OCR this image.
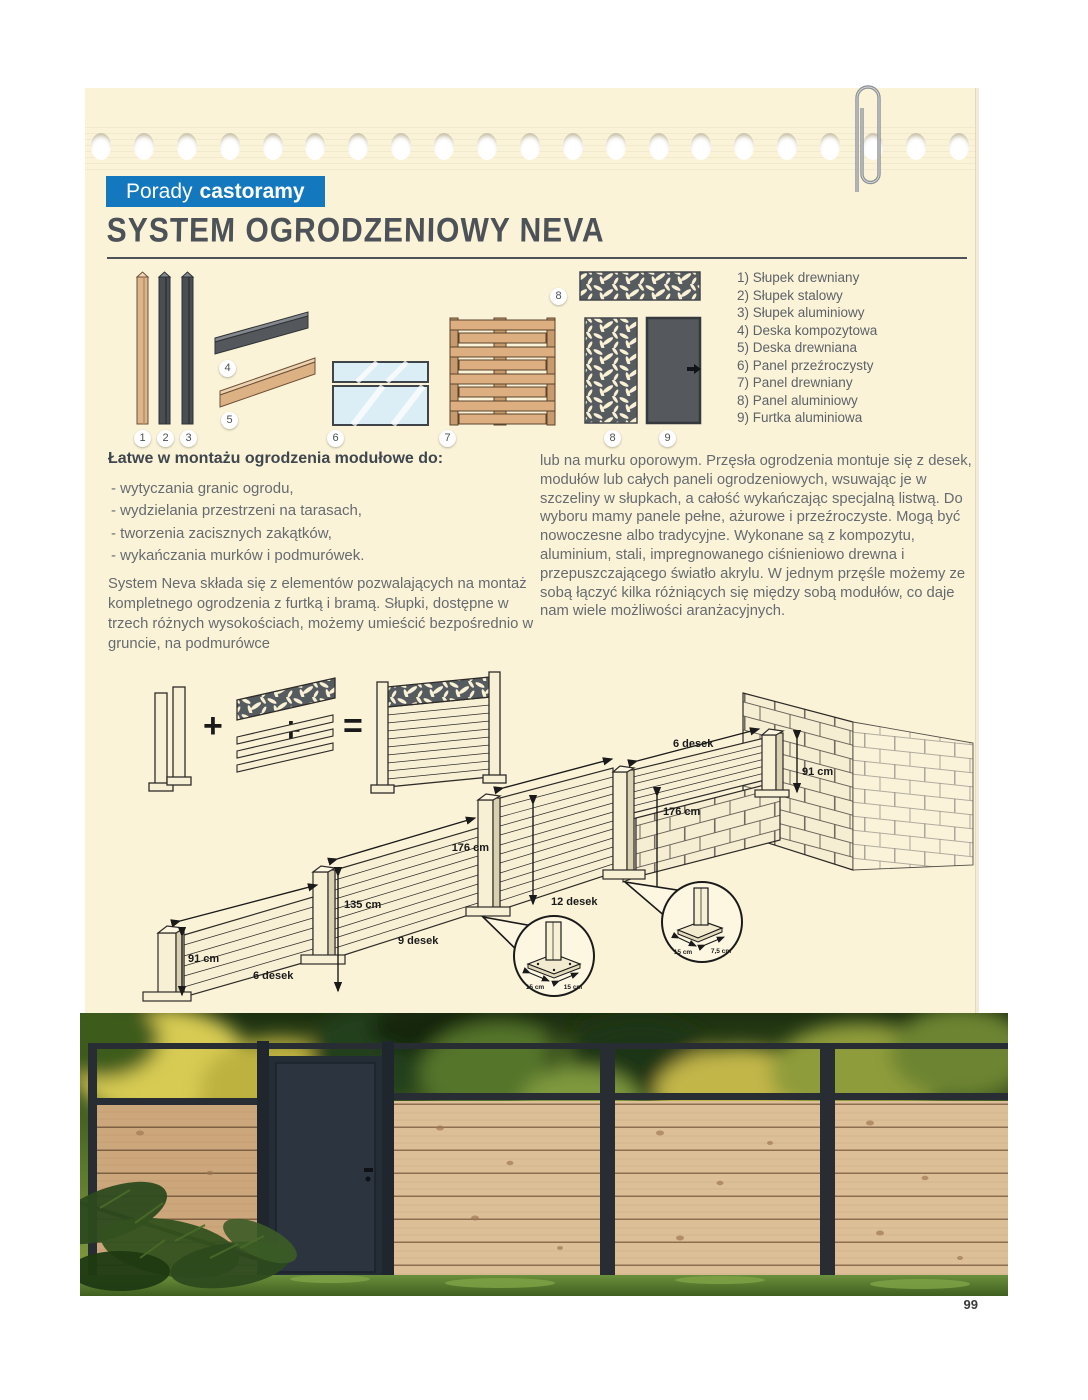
Porady castoramy
SYSTEM OGRODZENIOWY NEVA
1	2	3
4
5
6	7
8
8	9

1) Słupek drewniany

2) Słupek stalowy

3) Słupek aluminiowy

4) Deska kompozytowa

5) Deska drewniana

6) Panel przeźroczysty

7) Panel drewniany

8) Panel aluminiowy

9) Furtka aluminiowa

Łatwe w montażu ogrodzenia modułowe do:

- wytyczania granic ogrodu,

- wydzielania przestrzeni na tarasach,

- tworzenia zacisznych zakątków,

- wykańczania murków i podmurówek.

System Neva składa się z elementów pozwalających na montaż kompletnego ogrodzenia z furtką i bramą. Słupki, dostępne w trzech różnych wysokościach, możemy umieścić bezpośrednio w gruncie, na podmurówce
lub na murku oporowym. Przęsła ogrodzenia montuje się z desek, modułów lub całych paneli ogrodzeniowych, wsuwając je w szczeliny w słupkach, a całość wykańczając specjalną listwą. Do wyboru mamy panele pełne, ażurowe i przeźroczyste. Mogą być nowoczesne albo tradycyjne. Wykonane są z kompozytu, aluminium, stali, impregnowanego ciśnieniowo drewna i przepuszczającego światło akrylu. W jednym przęśle możemy ze sobą łączyć kilka różniących się między sobą modułów, co daje nam wiele możliwości aranżacyjnych.
+	=
91 cm
6 desek
135 cm
9 desek
176 cm
12 desek
176 cm
6 desek
91 cm
15 cm	15 cm
15 cm	7,5 cm
99
